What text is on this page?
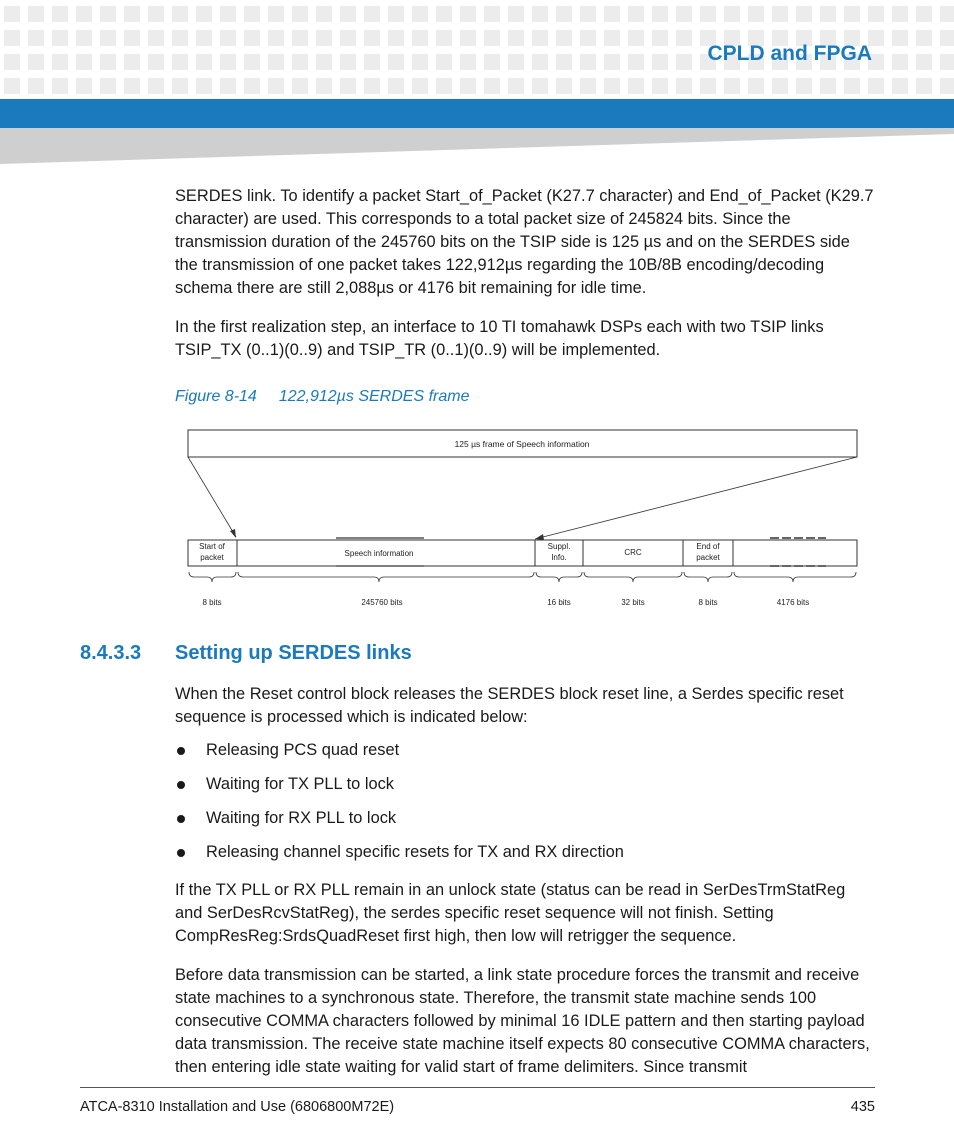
CPLD and FPGA

SERDES link. To identify a packet Start_of_Packet (K27.7 character) and End_of_Packet (K29.7 character) are used. This corresponds to a total packet size of 245824 bits. Since the transmission duration of the 245760 bits on the TSIP side is 125 µs and on the SERDES side the transmission of one packet takes 122,912µs regarding the 10B/8B encoding/decoding schema there are still 2,088µs or 4176 bit remaining for idle time.

In the first realization step, an interface to 10 TI tomahawk DSPs each with two TSIP links TSIP_TX (0..1)(0..9) and TSIP_TR (0..1)(0..9) will be implemented.

Figure 8-14 122,912µs SERDES frame
125 µs frame of Speech information
Start of
packet	Speech information
Suppl.
Info.
CRC
End of
packet
8 bits	245760 bits	16 bits	32 bits	8 bits	4176 bits
8.4.3.3 Setting up SERDES links

When the Reset control block releases the SERDES block reset line, a Serdes specific reset sequence is processed which is indicated below:

Releasing PCS quad reset
Waiting for TX PLL to lock
Waiting for RX PLL to lock
Releasing channel specific resets for TX and RX direction

If the TX PLL or RX PLL remain in an unlock state (status can be read in SerDesTrmStatReg and SerDesRcvStatReg), the serdes specific reset sequence will not finish. Setting CompResReg:SrdsQuadReset first high, then low will retrigger the sequence.

Before data transmission can be started, a link state procedure forces the transmit and receive state machines to a synchronous state. Therefore, the transmit state machine sends 100 consecutive COMMA characters followed by minimal 16 IDLE pattern and then starting payload data transmission. The receive state machine itself expects 80 consecutive COMMA characters, then entering idle state waiting for valid start of frame delimiters. Since transmit

ATCA-8310 Installation and Use (6806800M72E)	435
